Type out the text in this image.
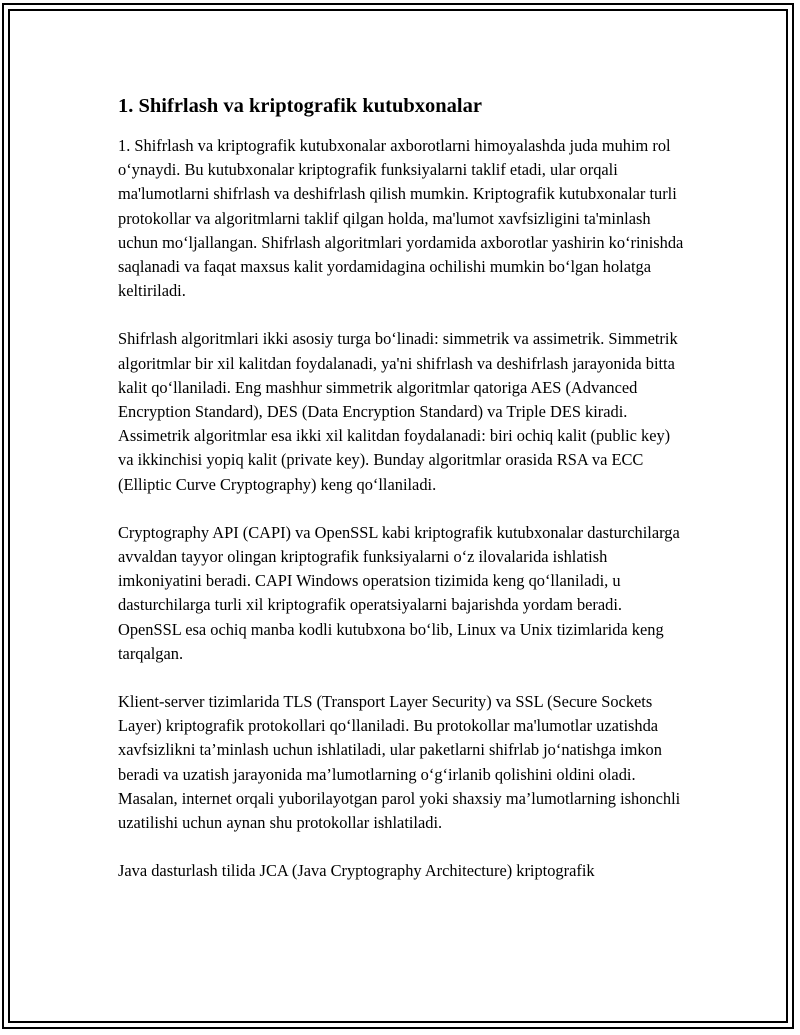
1. Shifrlash va kriptografik kutubxonalar

1. Shifrlash va kriptografik kutubxonalar axborotlarni himoyalashda juda muhim rol o‘ynaydi. Bu kutubxonalar kriptografik funksiyalarni taklif etadi, ular orqali ma'lumotlarni shifrlash va deshifrlash qilish mumkin. Kriptografik kutubxonalar turli protokollar va algoritmlarni taklif qilgan holda, ma'lumot xavfsizligini ta'minlash uchun mo‘ljallangan. Shifrlash algoritmlari yordamida axborotlar yashirin ko‘rinishda saqlanadi va faqat maxsus kalit yordamidagina ochilishi mumkin bo‘lgan holatga keltiriladi.

Shifrlash algoritmlari ikki asosiy turga bo‘linadi: simmetrik va assimetrik. Simmetrik algoritmlar bir xil kalitdan foydalanadi, ya'ni shifrlash va deshifrlash jarayonida bitta kalit qo‘llaniladi. Eng mashhur simmetrik algoritmlar qatoriga AES (Advanced Encryption Standard), DES (Data Encryption Standard) va Triple DES kiradi. Assimetrik algoritmlar esa ikki xil kalitdan foydalanadi: biri ochiq kalit (public key) va ikkinchisi yopiq kalit (private key). Bunday algoritmlar orasida RSA va ECC (Elliptic Curve Cryptography) keng qo‘llaniladi.

Cryptography API (CAPI) va OpenSSL kabi kriptografik kutubxonalar dasturchilarga avvaldan tayyor olingan kriptografik funksiyalarni o‘z ilovalarida ishlatish imkoniyatini beradi. CAPI Windows operatsion tizimida keng qo‘llaniladi, u dasturchilarga turli xil kriptografik operatsiyalarni bajarishda yordam beradi. OpenSSL esa ochiq manba kodli kutubxona bo‘lib, Linux va Unix tizimlarida keng tarqalgan.

Klient-server tizimlarida TLS (Transport Layer Security) va SSL (Secure Sockets Layer) kriptografik protokollari qo‘llaniladi. Bu protokollar ma'lumotlar uzatishda xavfsizlikni ta’minlash uchun ishlatiladi, ular paketlarni shifrlab jo‘natishga imkon beradi va uzatish jarayonida ma’lumotlarning o‘g‘irlanib qolishini oldini oladi. Masalan, internet orqali yuborilayotgan parol yoki shaxsiy ma’lumotlarning ishonchli uzatilishi uchun aynan shu protokollar ishlatiladi.

Java dasturlash tilida JCA (Java Cryptography Architecture) kriptografik
